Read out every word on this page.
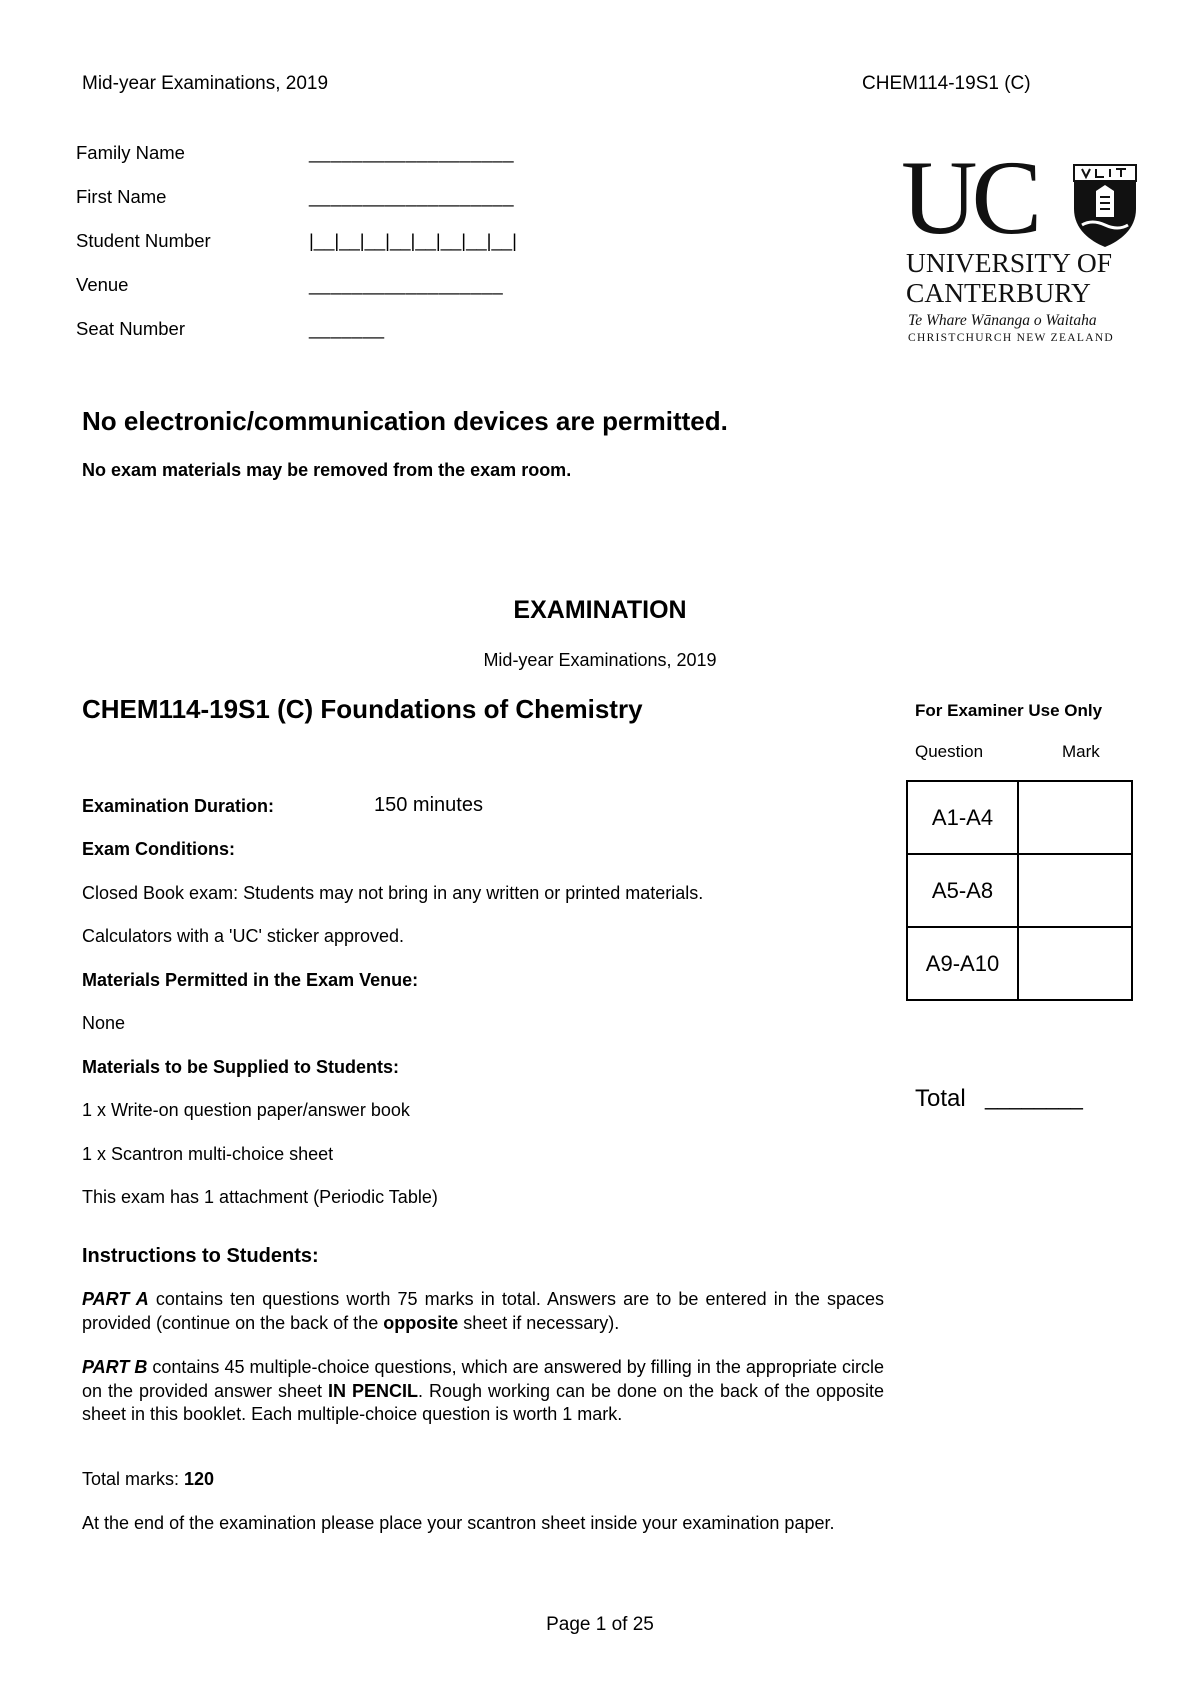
Mid-year Examinations, 2019	CHEM114-19S1 (C)
Family Name	___________________
First Name	___________________
Student Number	|__|__|__|__|__|__|__|__|
Venue	__________________
Seat Number	_______
UC
UNIVERSITY OF
CANTERBURY
Te Whare Wānanga o Waitaha
CHRISTCHURCH NEW ZEALAND
No electronic/communication devices are permitted.
No exam materials may be removed from the exam room.
EXAMINATION
Mid-year Examinations, 2019
CHEM114-19S1 (C) Foundations of Chemistry
Examination Duration:	150 minutes
Exam Conditions:
Closed Book exam: Students may not bring in any written or printed materials.
Calculators with a 'UC' sticker approved.
Materials Permitted in the Exam Venue:
None
Materials to be Supplied to Students:
1 x Write-on question paper/answer book
1 x Scantron multi-choice sheet
This exam has 1 attachment (Periodic Table)
Instructions to Students:
PART A contains ten questions worth 75 marks in total. Answers are to be entered in the spaces provided (continue on the back of the opposite sheet if necessary).
PART B contains 45 multiple-choice questions, which are answered by filling in the appropriate circle on the provided answer sheet IN PENCIL. Rough working can be done on the back of the opposite sheet in this booklet. Each multiple-choice question is worth 1 mark.
Total marks: 120
At the end of the examination please place your scantron sheet inside your examination paper.
For Examiner Use Only
Question	Mark
A1-A4	
A5-A8	
A9-A10	
Total ________
Page 1 of 25
